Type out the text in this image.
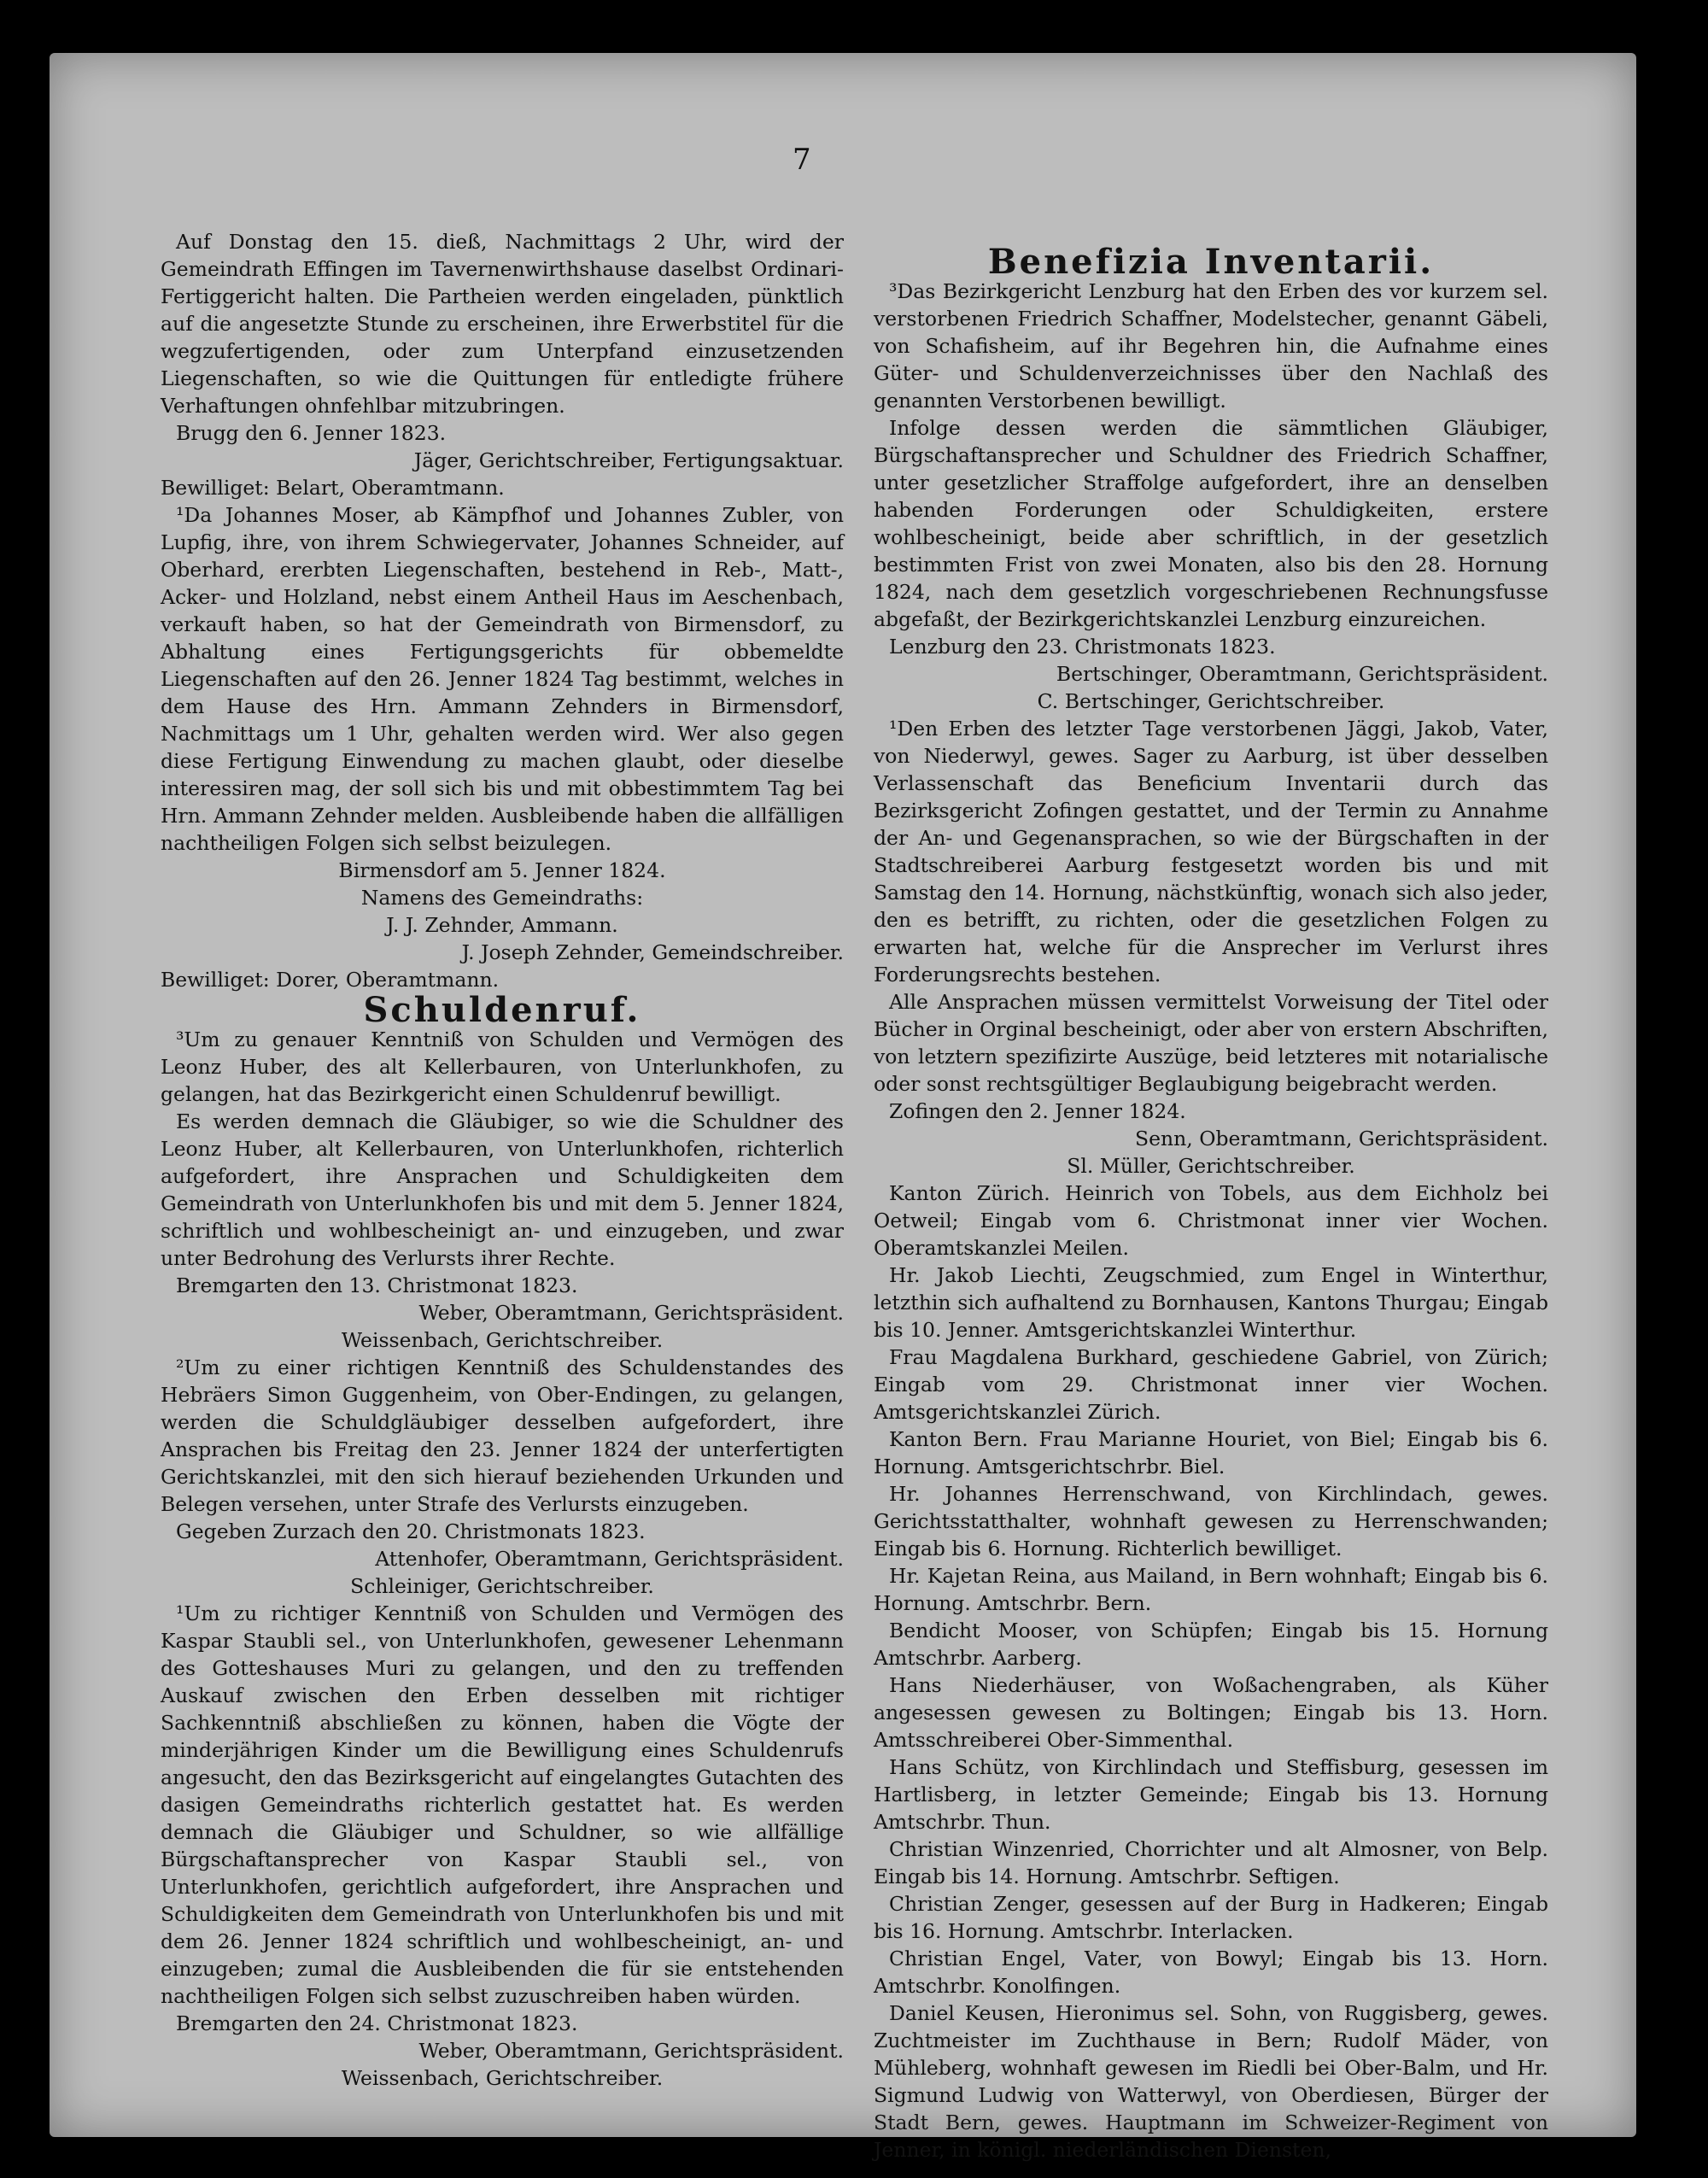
7

Auf Donstag den 15. dieß, Nachmittags 2 Uhr, wird der Gemeindrath Effingen im Tavernenwirthshause daselbst Ordinari-Fertiggericht halten. Die Partheien werden eingeladen, pünktlich auf die angesetzte Stunde zu erscheinen, ihre Erwerbstitel für die wegzufertigenden, oder zum Unterpfand einzusetzenden Liegenschaften, so wie die Quittungen für entledigte frühere Verhaftungen ohnfehlbar mitzubringen.

Brugg den 6. Jenner 1823.

Jäger, Gerichtschreiber, Fertigungsaktuar.

Bewilliget: Belart, Oberamtmann.

¹Da Johannes Moser, ab Kämpfhof und Johannes Zubler, von Lupfig, ihre, von ihrem Schwiegervater, Johannes Schneider, auf Oberhard, ererbten Liegenschaften, bestehend in Reb-, Matt-, Acker- und Holzland, nebst einem Antheil Haus im Aeschenbach, verkauft haben, so hat der Gemeindrath von Birmensdorf, zu Abhaltung eines Fertigungsgerichts für obbemeldte Liegenschaften auf den 26. Jenner 1824 Tag bestimmt, welches in dem Hause des Hrn. Ammann Zehnders in Birmensdorf, Nachmittags um 1 Uhr, gehalten werden wird. Wer also gegen diese Fertigung Einwendung zu machen glaubt, oder dieselbe interessiren mag, der soll sich bis und mit obbestimmtem Tag bei Hrn. Ammann Zehnder melden. Ausbleibende haben die allfälligen nachtheiligen Folgen sich selbst beizulegen.

Birmensdorf am 5. Jenner 1824.

Namens des Gemeindraths:

J. J. Zehnder, Ammann.

J. Joseph Zehnder, Gemeindschreiber.

Bewilliget: Dorer, Oberamtmann.

Schuldenruf.

³Um zu genauer Kenntniß von Schulden und Vermögen des Leonz Huber, des alt Kellerbauren, von Unterlunkhofen, zu gelangen, hat das Bezirkgericht einen Schuldenruf bewilligt.

Es werden demnach die Gläubiger, so wie die Schuldner des Leonz Huber, alt Kellerbauren, von Unterlunkhofen, richterlich aufgefordert, ihre Ansprachen und Schuldigkeiten dem Gemeindrath von Unterlunkhofen bis und mit dem 5. Jenner 1824, schriftlich und wohlbescheinigt an- und einzugeben, und zwar unter Bedrohung des Verlursts ihrer Rechte.

Bremgarten den 13. Christmonat 1823.

Weber, Oberamtmann, Gerichtspräsident.

Weissenbach, Gerichtschreiber.

²Um zu einer richtigen Kenntniß des Schuldenstandes des Hebräers Simon Guggenheim, von Ober-Endingen, zu gelangen, werden die Schuldgläubiger desselben aufgefordert, ihre Ansprachen bis Freitag den 23. Jenner 1824 der unterfertigten Gerichtskanzlei, mit den sich hierauf beziehenden Urkunden und Belegen versehen, unter Strafe des Verlursts einzugeben.

Gegeben Zurzach den 20. Christmonats 1823.

Attenhofer, Oberamtmann, Gerichtspräsident.

Schleiniger, Gerichtschreiber.

¹Um zu richtiger Kenntniß von Schulden und Vermögen des Kaspar Staubli sel., von Unterlunkhofen, gewesener Lehenmann des Gotteshauses Muri zu gelangen, und den zu treffenden Auskauf zwischen den Erben desselben mit richtiger Sachkenntniß abschließen zu können, haben die Vögte der minderjährigen Kinder um die Bewilligung eines Schuldenrufs angesucht, den das Bezirksgericht auf eingelangtes Gutachten des dasigen Gemeindraths richterlich gestattet hat. Es werden demnach die Gläubiger und Schuldner, so wie allfällige Bürgschaftansprecher von Kaspar Staubli sel., von Unterlunkhofen, gerichtlich aufgefordert, ihre Ansprachen und Schuldigkeiten dem Gemeindrath von Unterlunkhofen bis und mit dem 26. Jenner 1824 schriftlich und wohlbescheinigt, an- und einzugeben; zumal die Ausbleibenden die für sie entstehenden nachtheiligen Folgen sich selbst zuzuschreiben haben würden.

Bremgarten den 24. Christmonat 1823.

Weber, Oberamtmann, Gerichtspräsident.

Weissenbach, Gerichtschreiber.

Benefizia Inventarii.

³Das Bezirkgericht Lenzburg hat den Erben des vor kurzem sel. verstorbenen Friedrich Schaffner, Modelstecher, genannt Gäbeli, von Schafisheim, auf ihr Begehren hin, die Aufnahme eines Güter- und Schuldenverzeichnisses über den Nachlaß des genannten Verstorbenen bewilligt.

Infolge dessen werden die sämmtlichen Gläubiger, Bürgschaftansprecher und Schuldner des Friedrich Schaffner, unter gesetzlicher Straffolge aufgefordert, ihre an denselben habenden Forderungen oder Schuldigkeiten, erstere wohlbescheinigt, beide aber schriftlich, in der gesetzlich bestimmten Frist von zwei Monaten, also bis den 28. Hornung 1824, nach dem gesetzlich vorgeschriebenen Rechnungsfusse abgefaßt, der Bezirkgerichtskanzlei Lenzburg einzureichen.

Lenzburg den 23. Christmonats 1823.

Bertschinger, Oberamtmann, Gerichtspräsident.

C. Bertschinger, Gerichtschreiber.

¹Den Erben des letzter Tage verstorbenen Jäggi, Jakob, Vater, von Niederwyl, gewes. Sager zu Aarburg, ist über desselben Verlassenschaft das Beneficium Inventarii durch das Bezirksgericht Zofingen gestattet, und der Termin zu Annahme der An- und Gegenansprachen, so wie der Bürgschaften in der Stadtschreiberei Aarburg festgesetzt worden bis und mit Samstag den 14. Hornung, nächstkünftig, wonach sich also jeder, den es betrifft, zu richten, oder die gesetzlichen Folgen zu erwarten hat, welche für die Ansprecher im Verlurst ihres Forderungsrechts bestehen.

Alle Ansprachen müssen vermittelst Vorweisung der Titel oder Bücher in Orginal bescheinigt, oder aber von erstern Abschriften, von letztern spezifizirte Auszüge, beid letzteres mit notarialische oder sonst rechtsgültiger Beglaubigung beigebracht werden.

Zofingen den 2. Jenner 1824.

Senn, Oberamtmann, Gerichtspräsident.

Sl. Müller, Gerichtschreiber.

Kanton Zürich. Heinrich von Tobels, aus dem Eichholz bei Oetweil; Eingab vom 6. Christmonat inner vier Wochen. Oberamtskanzlei Meilen.

Hr. Jakob Liechti, Zeugschmied, zum Engel in Winterthur, letzthin sich aufhaltend zu Bornhausen, Kantons Thurgau; Eingab bis 10. Jenner. Amtsgerichtskanzlei Winterthur.

Frau Magdalena Burkhard, geschiedene Gabriel, von Zürich; Eingab vom 29. Christmonat inner vier Wochen. Amtsgerichtskanzlei Zürich.

Kanton Bern. Frau Marianne Houriet, von Biel; Eingab bis 6. Hornung. Amtsgerichtschrbr. Biel.

Hr. Johannes Herrenschwand, von Kirchlindach, gewes. Gerichtsstatthalter, wohnhaft gewesen zu Herrenschwanden; Eingab bis 6. Hornung. Richterlich bewilliget.

Hr. Kajetan Reina, aus Mailand, in Bern wohnhaft; Eingab bis 6. Hornung. Amtschrbr. Bern.

Bendicht Mooser, von Schüpfen; Eingab bis 15. Hornung Amtschrbr. Aarberg.

Hans Niederhäuser, von Woßachengraben, als Küher angesessen gewesen zu Boltingen; Eingab bis 13. Horn. Amtsschreiberei Ober-Simmenthal.

Hans Schütz, von Kirchlindach und Steffisburg, gesessen im Hartlisberg, in letzter Gemeinde; Eingab bis 13. Hornung Amtschrbr. Thun.

Christian Winzenried, Chorrichter und alt Almosner, von Belp. Eingab bis 14. Hornung. Amtschrbr. Seftigen.

Christian Zenger, gesessen auf der Burg in Hadkeren; Eingab bis 16. Hornung. Amtschrbr. Interlacken.

Christian Engel, Vater, von Bowyl; Eingab bis 13. Horn. Amtschrbr. Konolfingen.

Daniel Keusen, Hieronimus sel. Sohn, von Ruggisberg, gewes. Zuchtmeister im Zuchthause in Bern; Rudolf Mäder, von Mühleberg, wohnhaft gewesen im Riedli bei Ober-Balm, und Hr. Sigmund Ludwig von Watterwyl, von Oberdiesen, Bürger der Stadt Bern, gewes. Hauptmann im Schweizer-Regiment von Jenner, in königl. niederländischen Diensten,
